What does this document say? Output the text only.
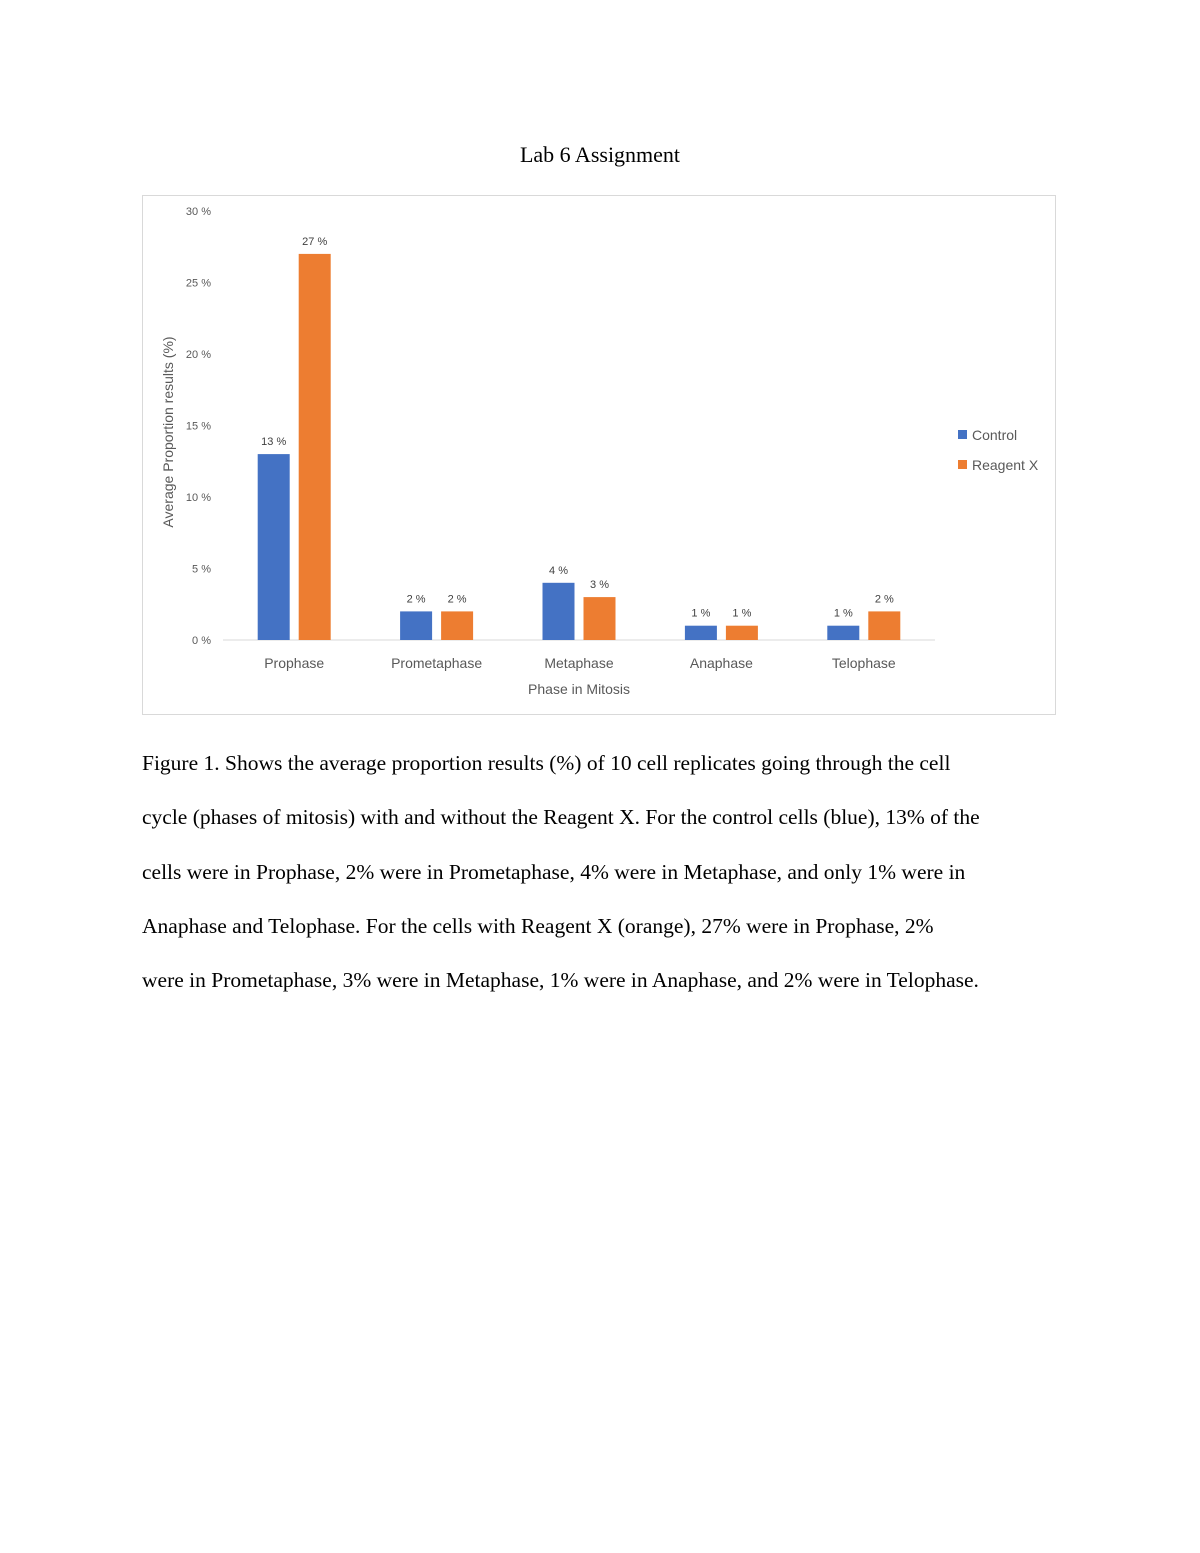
Lab 6 Assignment
0 %
5 %
10 %
15 %
20 %
25 %
30 %
13 %
27 %
2 % 2 %
4 %
3 %
1 % 1 %	1 %
2 %
Prophase	Prometaphase	Metaphase	Anaphase	Telophase
Phase in Mitosis
Average Proportion results (%)	Control
Reagent X

Figure 1. Shows the average proportion results (%) of 10 cell replicates going through the cell

cycle (phases of mitosis) with and without the Reagent X. For the control cells (blue), 13% of the

cells were in Prophase, 2% were in Prometaphase, 4% were in Metaphase, and only 1% were in

Anaphase and Telophase. For the cells with Reagent X (orange), 27% were in Prophase, 2%

were in Prometaphase, 3% were in Metaphase, 1% were in Anaphase, and 2% were in Telophase.
